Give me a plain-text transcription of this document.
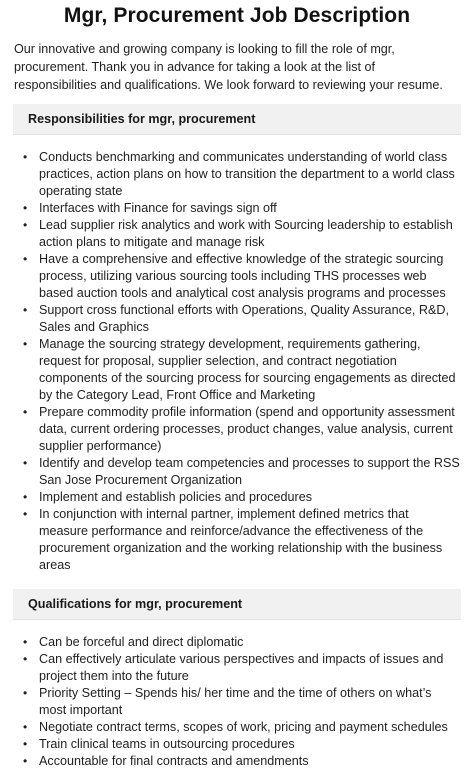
Mgr, Procurement Job Description

Our innovative and growing company is looking to fill the role of mgr, procurement. Thank you in advance for taking a look at the list of responsibilities and qualifications. We look forward to reviewing your resume.

Responsibilities for mgr, procurement
• Conducts benchmarking and communicates understanding of world class practices, action plans on how to transition the department to a world class operating state
• Interfaces with Finance for savings sign off
• Lead supplier risk analytics and work with Sourcing leadership to establish action plans to mitigate and manage risk
• Have a comprehensive and effective knowledge of the strategic sourcing process, utilizing various sourcing tools including THS processes web based auction tools and analytical cost analysis programs and processes
• Support cross functional efforts with Operations, Quality Assurance, R&D, Sales and Graphics
• Manage the sourcing strategy development, requirements gathering, request for proposal, supplier selection, and contract negotiation components of the sourcing process for sourcing engagements as directed by the Category Lead, Front Office and Marketing
• Prepare commodity profile information (spend and opportunity assessment data, current ordering processes, product changes, value analysis, current supplier performance)
• Identify and develop team competencies and processes to support the RSS San Jose Procurement Organization
• Implement and establish policies and procedures
• In conjunction with internal partner, implement defined metrics that measure performance and reinforce/advance the effectiveness of the procurement organization and the working relationship with the business areas
Qualifications for mgr, procurement
• Can be forceful and direct diplomatic
• Can effectively articulate various perspectives and impacts of issues and project them into the future
• Priority Setting – Spends his/ her time and the time of others on what’s most important
• Negotiate contract terms, scopes of work, pricing and payment schedules
• Train clinical teams in outsourcing procedures
• Accountable for final contracts and amendments
